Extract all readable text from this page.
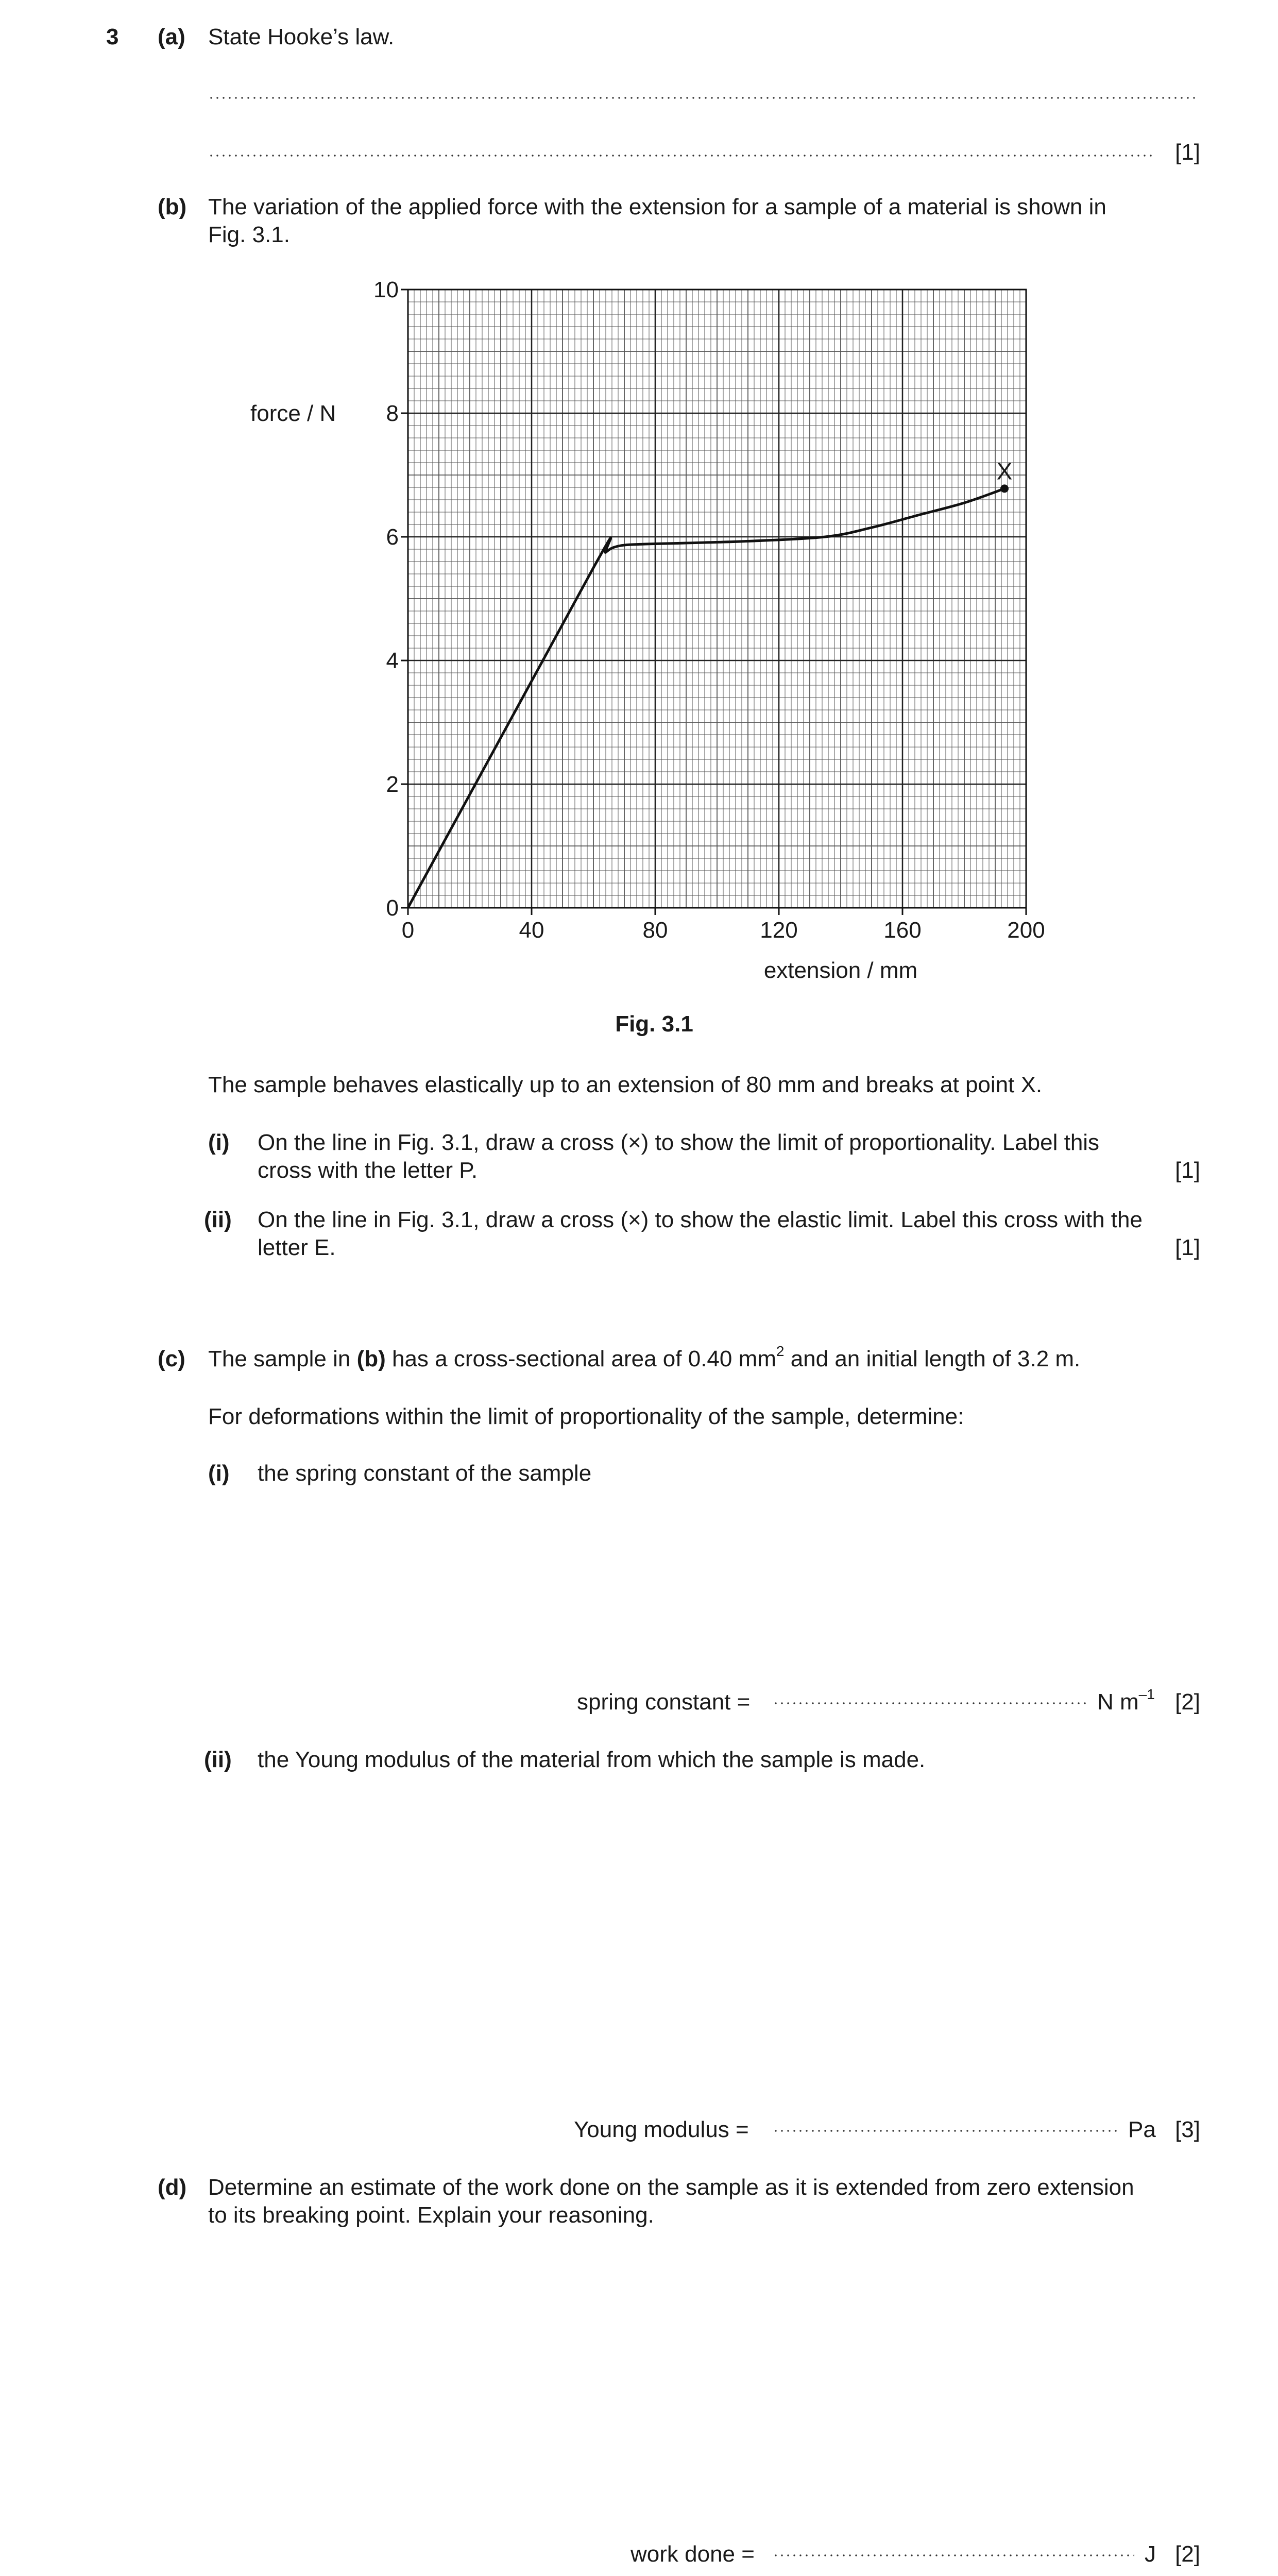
3 (a) State Hooke’s law.
[1]
(b) The variation of the applied force with the extension for a sample of a material is shown in
Fig. 3.1.
0	40	80	120	160	200
0
2
4
6
8
10
force / N
extension / mm
X
Fig. 3.1
The sample behaves elastically up to an extension of 80 mm and breaks at point X.
(i) On the line in Fig. 3.1, draw a cross (×) to show the limit of proportionality. Label this
cross with the letter P.	[1]
(ii) On the line in Fig. 3.1, draw a cross (×) to show the elastic limit. Label this cross with the
letter E.	[1]
(c) The sample in (b) has a cross-sectional area of 0.40 $mm^2$ and an initial length of 3.2 m.
For deformations within the limit of proportionality of the sample, determine:
(i) the spring constant of the sample
spring constant =	N $m^{-1}$ [2]
(ii) the Young modulus of the material from which the sample is made.
Young modulus =	Pa [3]
(d) Determine an estimate of the work done on the sample as it is extended from zero extension
to its breaking point. Explain your reasoning.
work done =	J [2]
